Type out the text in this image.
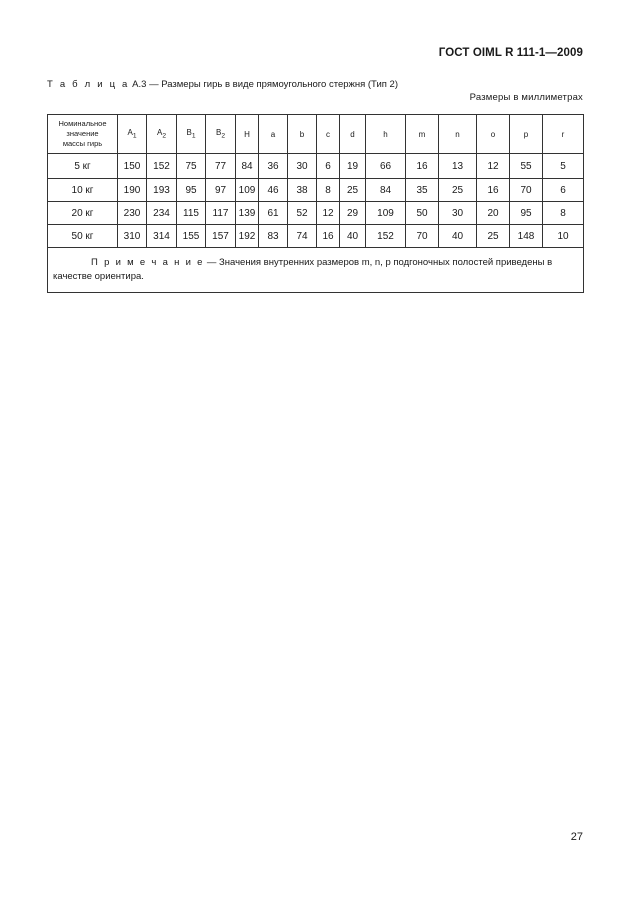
ГОСТ OIML R 111-1—2009
Т а б л и ц а А.3 — Размеры гирь в виде прямоугольного стержня (Тип 2)
Размеры в миллиметрах
Номинальное
значение
массы гирь	$A_1$	$A_2$	$B_1$	$B_2$	H	a	b	c	d	h	m	n	o	p	r
5 кг	150	152	75	77	84	36	30	6	19	66	16	13	12	55	5
10 кг	190	193	95	97	109	46	38	8	25	84	35	25	16	70	6
20 кг	230	234	115	117	139	61	52	12	29	109	50	30	20	95	8
50 кг	310	314	155	157	192	83	74	16	40	152	70	40	25	148	10
П р и м е ч а н и е — Значения внутренних размеров m, n, p подгоночных полостей приведены в качестве ориентира.															
27
